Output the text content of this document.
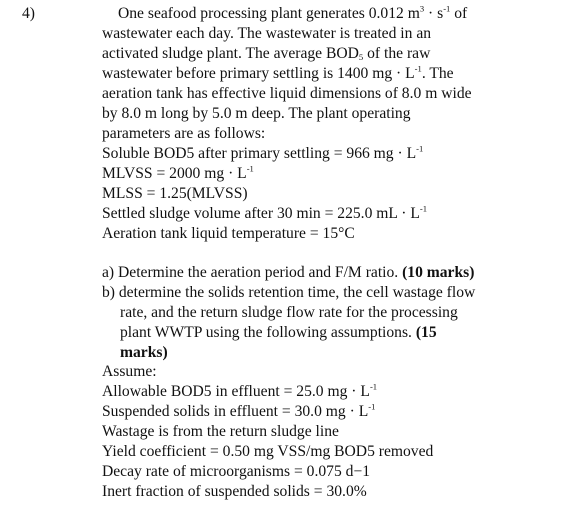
4)	One seafood processing plant generates 0.012 $m^3 \cdot s^{-1}$ of
wastewater each day. The wastewater is treated in an
activated sludge plant. The average $BOD_5$ of the raw
wastewater before primary settling is 1400 mg · $L^{-1}$. The
aeration tank has effective liquid dimensions of 8.0 m wide
by 8.0 m long by 5.0 m deep. The plant operating
parameters are as follows:
Soluble BOD5 after primary settling = 966 mg · $L^{-1}$
MLVSS = 2000 mg · $L^{-1}$
MLSS = 1.25(MLVSS)
Settled sludge volume after 30 min = 225.0 mL · $L^{-1}$
Aeration tank liquid temperature = 15°C
a) Determine the aeration period and F/M ratio. (10 marks)
b) determine the solids retention time, the cell wastage flow
rate, and the return sludge flow rate for the processing
plant WWTP using the following assumptions. (15
marks)
Assume:
Allowable BOD5 in effluent = 25.0 mg · $L^{-1}$
Suspended solids in effluent = 30.0 mg · $L^{-1}$
Wastage is from the return sludge line
Yield coefficient = 0.50 mg VSS/mg BOD5 removed
Decay rate of microorganisms = 0.075 d−1
Inert fraction of suspended solids = 30.0%
